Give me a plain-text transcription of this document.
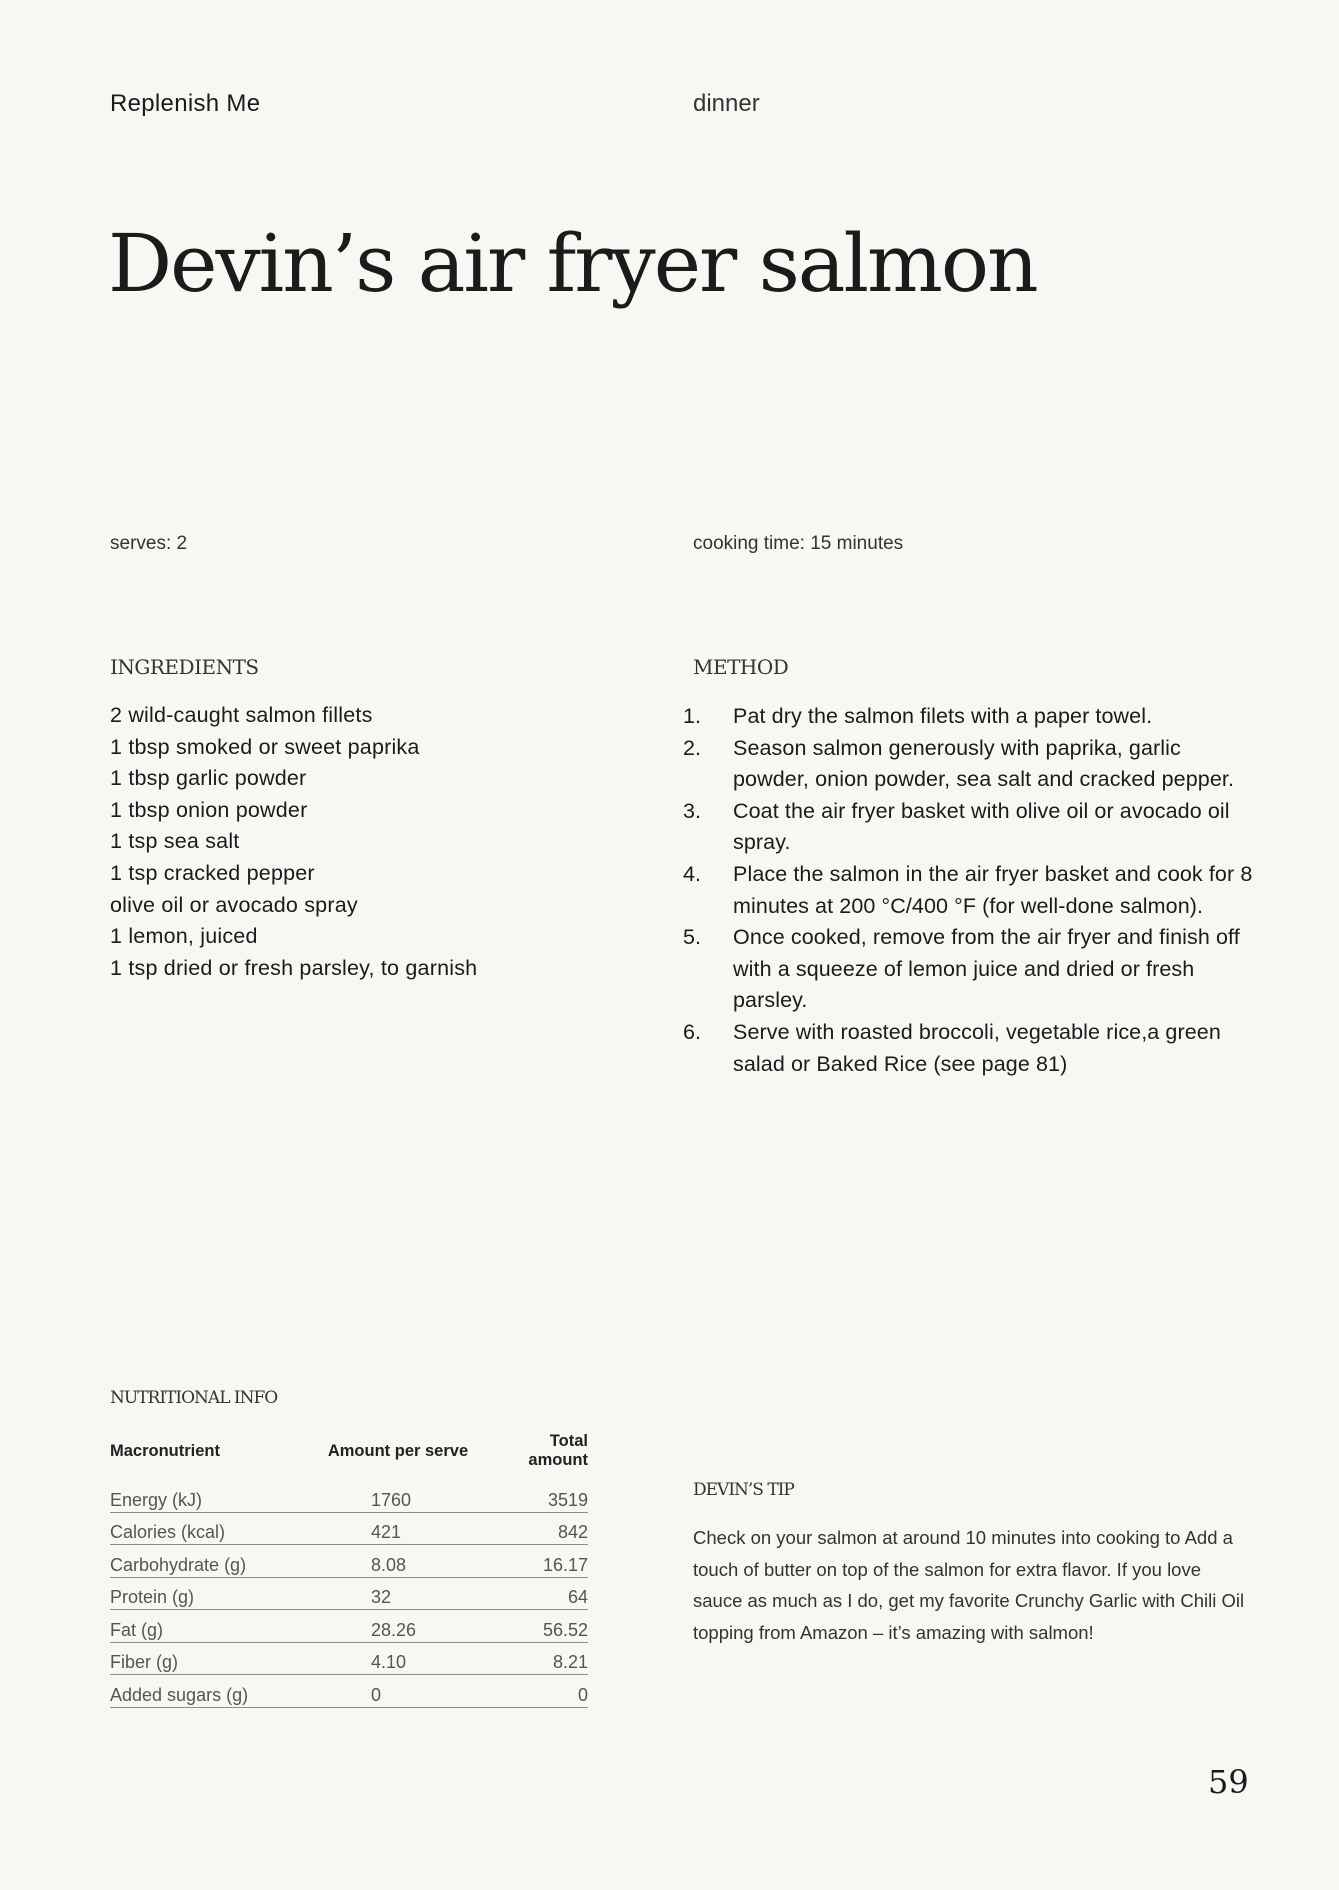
Replenish Me	dinner
Devin’s air fryer salmon
serves: 2	cooking time: 15 minutes
INGREDIENTS
2 wild-caught salmon fillets
1 tbsp smoked or sweet paprika
1 tbsp garlic powder
1 tbsp onion powder
1 tsp sea salt
1 tsp cracked pepper
olive oil or avocado spray
1 lemon, juiced
1 tsp dried or fresh parsley, to garnish
METHOD
1.	Pat dry the salmon filets with a paper towel.
2.	Season salmon generously with paprika, garlic powder, onion powder, sea salt and cracked pepper.
3.	Coat the air fryer basket with olive oil or avocado oil spray.
4.	Place the salmon in the air fryer basket and cook for 8 minutes at 200 °C/400 °F (for well-done salmon).
5.	Once cooked, remove from the air fryer and finish off with a squeeze of lemon juice and dried or fresh parsley.
6.	Serve with roasted broccoli, vegetable rice,a green salad or Baked Rice (see page 81)
NUTRITIONAL INFO
Macronutrient	Amount per serve	Total amount
Energy (kJ)	1760	3519
Calories (kcal)	421	842
Carbohydrate (g)	8.08	16.17
Protein (g)	32	64
Fat (g)	28.26	56.52
Fiber (g)	4.10	8.21
Added sugars (g)	0	0
DEVIN’S TIP

Check on your salmon at around 10 minutes into cooking to Add a touch of butter on top of the salmon for extra flavor. If you love sauce as much as I do, get my favorite Crunchy Garlic with Chili Oil topping from Amazon – it’s amazing with salmon!

59
